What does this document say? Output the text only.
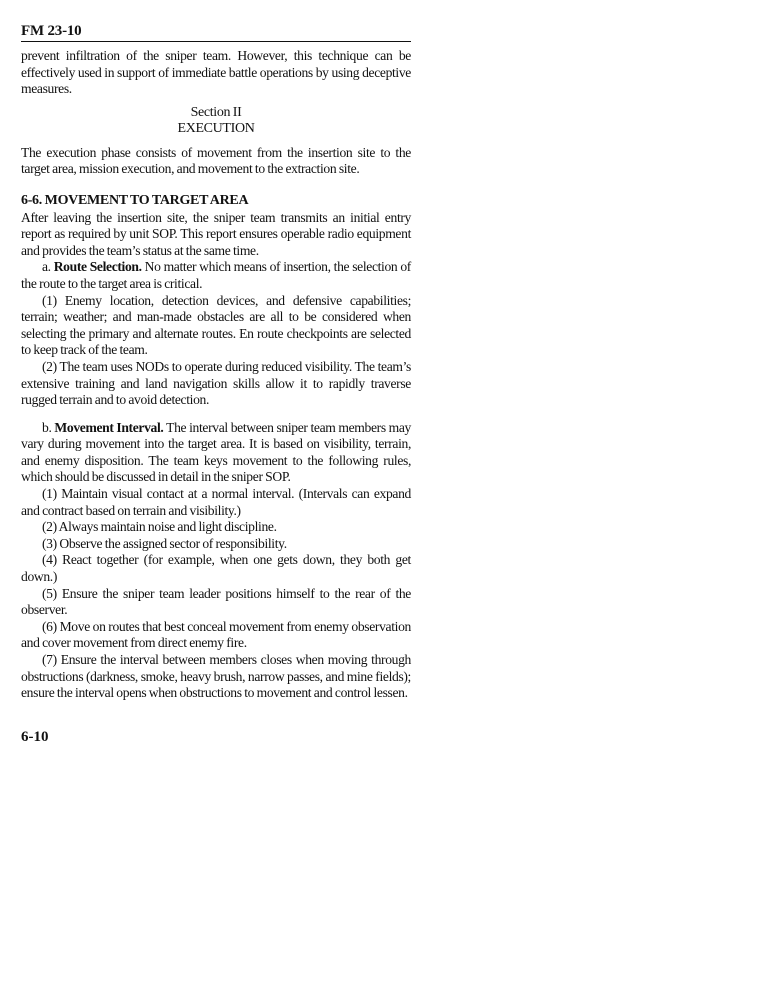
FM 23-10

prevent infiltration of the sniper team. However, this technique can be effectively used in support of immediate battle operations by using deceptive measures.

Section II
EXECUTION

The execution phase consists of movement from the insertion site to the target area, mission execution, and movement to the extraction site.

6-6. MOVEMENT TO TARGET AREA

After leaving the insertion site, the sniper team transmits an initial entry report as required by unit SOP. This report ensures operable radio equipment and provides the team’s status at the same time.

a. Route Selection. No matter which means of insertion, the selection of the route to the target area is critical.

(1) Enemy location, detection devices, and defensive capabilities; terrain; weather; and man-made obstacles are all to be considered when selecting the primary and alternate routes. En route checkpoints are selected to keep track of the team.

(2) The team uses NODs to operate during reduced visibility. The team’s extensive training and land navigation skills allow it to rapidly traverse rugged terrain and to avoid detection.

b. Movement Interval. The interval between sniper team members may vary during movement into the target area. It is based on visibility, terrain, and enemy disposition. The team keys movement to the following rules, which should be discussed in detail in the sniper SOP.

(1) Maintain visual contact at a normal interval. (Intervals can expand and contract based on terrain and visibility.)

(2) Always maintain noise and light discipline.

(3) Observe the assigned sector of responsibility.

(4) React together (for example, when one gets down, they both get down.)

(5) Ensure the sniper team leader positions himself to the rear of the observer.

(6) Move on routes that best conceal movement from enemy observation and cover movement from direct enemy fire.

(7) Ensure the interval between members closes when moving through obstructions (darkness, smoke, heavy brush, narrow passes, and mine fields); ensure the interval opens when obstructions to movement and control lessen.

6-10
